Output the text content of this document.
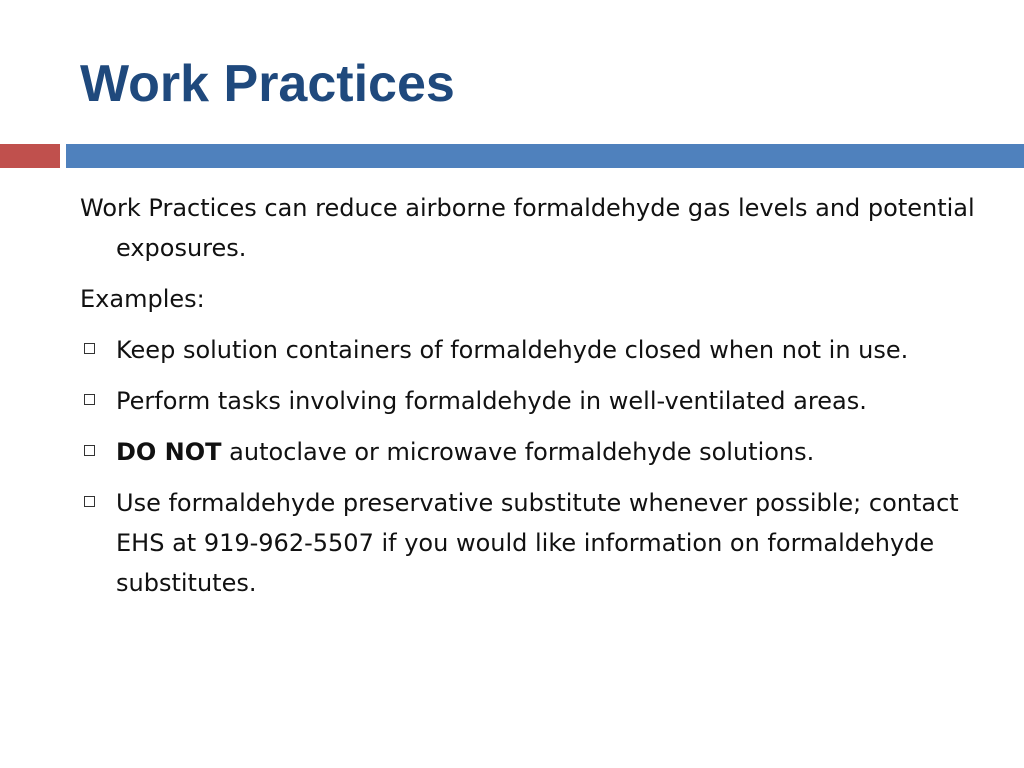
Work Practices

Work Practices can reduce airborne formaldehyde gas levels and potential exposures.

Examples:

Keep solution containers of formaldehyde closed when not in use.
Perform tasks involving formaldehyde in well-ventilated areas.
DO NOT autoclave or microwave formaldehyde solutions.
Use formaldehyde preservative substitute whenever possible; contact EHS at 919-962-5507 if you would like information on formaldehyde substitutes.
